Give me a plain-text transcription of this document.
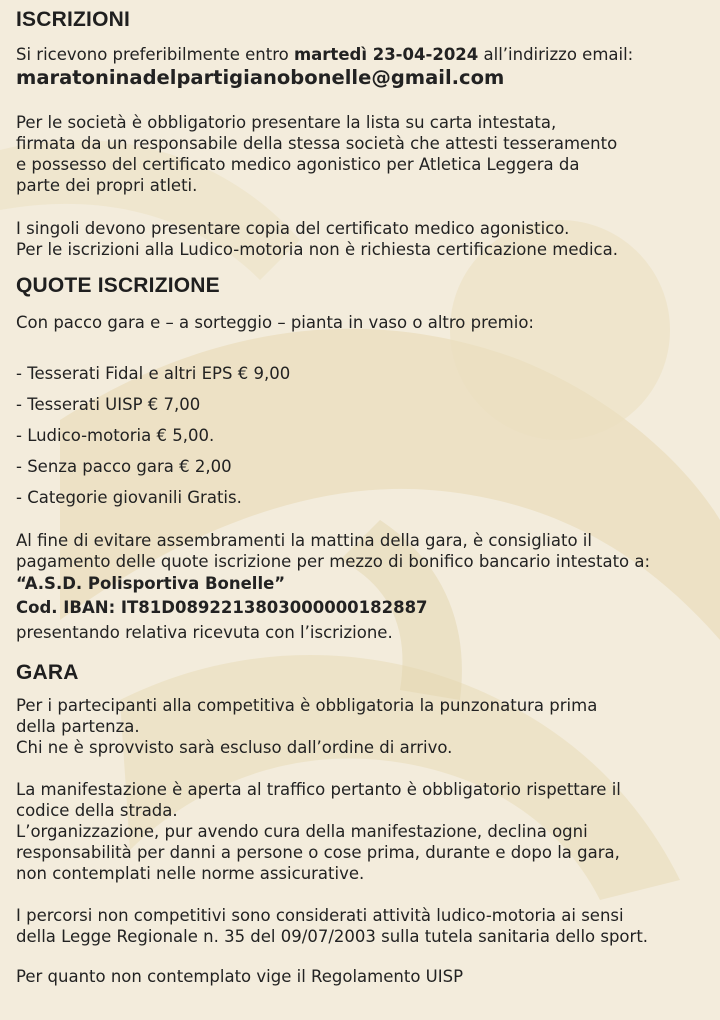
ISCRIZIONI
Si ricevono preferibilmente entro martedì 23-04-2024 all’indirizzo email:
maratoninadelpartigianobonelle@gmail.com
Per le società è obbligatorio presentare la lista su carta intestata,
firmata da un responsabile della stessa società che attesti tesseramento
e possesso del certificato medico agonistico per Atletica Leggera da
parte dei propri atleti.
I singoli devono presentare copia del certificato medico agonistico.
Per le iscrizioni alla Ludico-motoria non è richiesta certificazione medica.
QUOTE ISCRIZIONE
Con pacco gara e – a sorteggio – pianta in vaso o altro premio:
- Tesserati Fidal e altri EPS € 9,00
- Tesserati UISP € 7,00
- Ludico-motoria € 5,00.
- Senza pacco gara € 2,00
- Categorie giovanili Gratis.
Al fine di evitare assembramenti la mattina della gara, è consigliato il
pagamento delle quote iscrizione per mezzo di bonifico bancario intestato a:
“A.S.D. Polisportiva Bonelle”
Cod. IBAN: IT81D0892213803000000182887
presentando relativa ricevuta con l’iscrizione.
GARA
Per i partecipanti alla competitiva è obbligatoria la punzonatura prima
della partenza.
Chi ne è sprovvisto sarà escluso dall’ordine di arrivo.
La manifestazione è aperta al traffico pertanto è obbligatorio rispettare il
codice della strada.
L’organizzazione, pur avendo cura della manifestazione, declina ogni
responsabilità per danni a persone o cose prima, durante e dopo la gara,
non contemplati nelle norme assicurative.
I percorsi non competitivi sono considerati attività ludico-motoria ai sensi
della Legge Regionale n. 35 del 09/07/2003 sulla tutela sanitaria dello sport.
Per quanto non contemplato vige il Regolamento UISP
